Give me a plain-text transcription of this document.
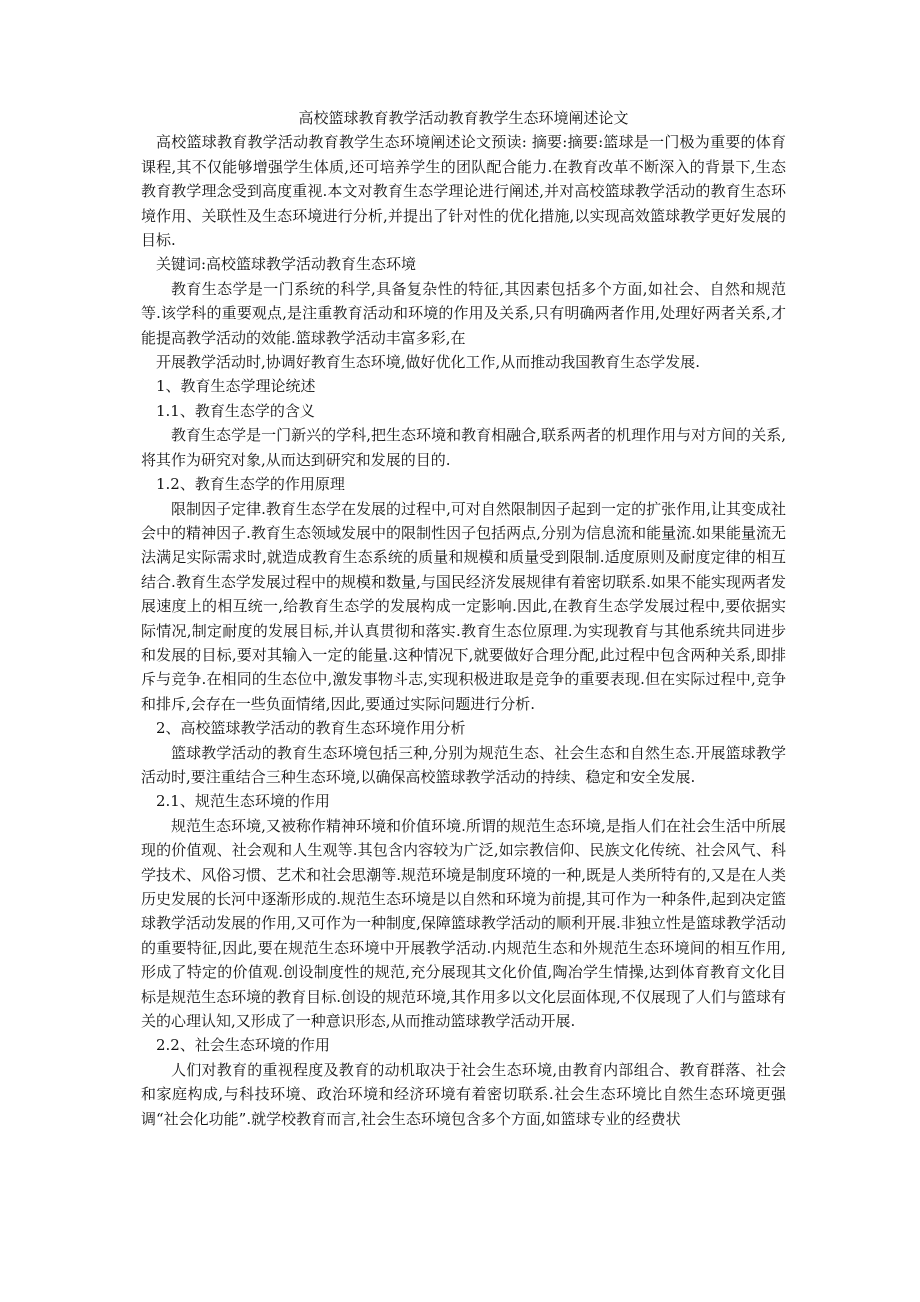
高校篮球教育教学活动教育教学生态环境阐述论文

高校篮球教育教学活动教育教学生态环境阐述论文预读: 摘要:摘要:篮球是一门极为重要的体育课程,其不仅能够增强学生体质,还可培养学生的团队配合能力.在教育改革不断深入的背景下,生态教育教学理念受到高度重视.本文对教育生态学理论进行阐述,并对高校篮球教学活动的教育生态环境作用、关联性及生态环境进行分析,并提出了针对性的优化措施,以实现高效篮球教学更好发展的目标.

关键词:高校篮球教学活动教育生态环境

教育生态学是一门系统的科学,具备复杂性的特征,其因素包括多个方面,如社会、自然和规范等.该学科的重要观点,是注重教育活动和环境的作用及关系,只有明确两者作用,处理好两者关系,才能提高教学活动的效能.篮球教学活动丰富多彩,在

开展教学活动时,协调好教育生态环境,做好优化工作,从而推动我国教育生态学发展.

1、教育生态学理论统述

1.1、教育生态学的含义

教育生态学是一门新兴的学科,把生态环境和教育相融合,联系两者的机理作用与对方间的关系,将其作为研究对象,从而达到研究和发展的目的.

1.2、教育生态学的作用原理

限制因子定律.教育生态学在发展的过程中,可对自然限制因子起到一定的扩张作用,让其变成社会中的精神因子.教育生态领域发展中的限制性因子包括两点,分别为信息流和能量流.如果能量流无法满足实际需求时,就造成教育生态系统的质量和规模和质量受到限制.适度原则及耐度定律的相互结合.教育生态学发展过程中的规模和数量,与国民经济发展规律有着密切联系.如果不能实现两者发展速度上的相互统一,给教育生态学的发展构成一定影响.因此,在教育生态学发展过程中,要依据实际情况,制定耐度的发展目标,并认真贯彻和落实.教育生态位原理.为实现教育与其他系统共同进步和发展的目标,要对其输入一定的能量.这种情况下,就要做好合理分配,此过程中包含两种关系,即排斥与竞争.在相同的生态位中,激发事物斗志,实现积极进取是竞争的重要表现.但在实际过程中,竞争和排斥,会存在一些负面情绪,因此,要通过实际问题进行分析.

2、高校篮球教学活动的教育生态环境作用分析

篮球教学活动的教育生态环境包括三种,分别为规范生态、社会生态和自然生态.开展篮球教学活动时,要注重结合三种生态环境,以确保高校篮球教学活动的持续、稳定和安全发展.

2.1、规范生态环境的作用

规范生态环境,又被称作精神环境和价值环境.所谓的规范生态环境,是指人们在社会生活中所展现的价值观、社会观和人生观等.其包含内容较为广泛,如宗教信仰、民族文化传统、社会风气、科学技术、风俗习惯、艺术和社会思潮等.规范环境是制度环境的一种,既是人类所特有的,又是在人类历史发展的长河中逐渐形成的.规范生态环境是以自然和环境为前提,其可作为一种条件,起到决定篮球教学活动发展的作用,又可作为一种制度,保障篮球教学活动的顺利开展.非独立性是篮球教学活动的重要特征,因此,要在规范生态环境中开展教学活动.内规范生态和外规范生态环境间的相互作用,形成了特定的价值观.创设制度性的规范,充分展现其文化价值,陶冶学生情操,达到体育教育文化目标是规范生态环境的教育目标.创设的规范环境,其作用多以文化层面体现,不仅展现了人们与篮球有关的心理认知,又形成了一种意识形态,从而推动篮球教学活动开展.

2.2、社会生态环境的作用

人们对教育的重视程度及教育的动机取决于社会生态环境,由教育内部组合、教育群落、社会和家庭构成,与科技环境、政治环境和经济环境有着密切联系.社会生态环境比自然生态环境更强调“社会化功能”.就学校教育而言,社会生态环境包含多个方面,如篮球专业的经费状
